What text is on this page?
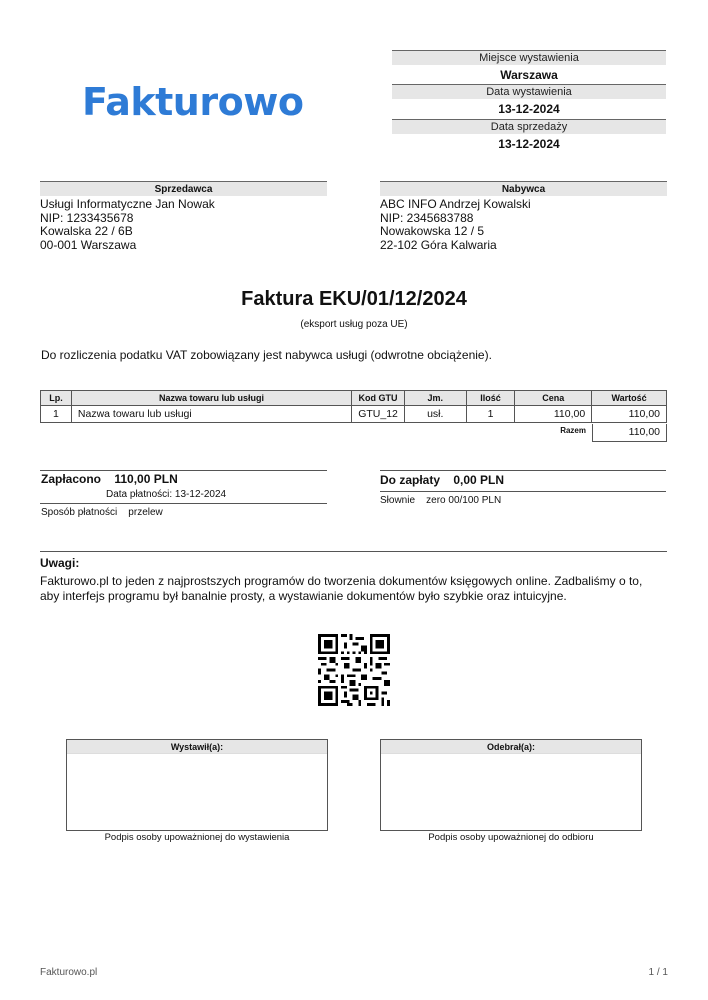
Fakturowo
Miejsce wystawienia
Warszawa
Data wystawienia
13-12-2024
Data sprzedaży
13-12-2024
Sprzedawca
Usługi Informatyczne Jan Nowak
NIP: 1233435678
Kowalska 22 / 6B
00-001 Warszawa
Nabywca
ABC INFO Andrzej Kowalski
NIP: 2345683788
Nowakowska 12 / 5
22-102 Góra Kalwaria
Faktura EKU/01/12/2024
(eksport usług poza UE)
Do rozliczenia podatku VAT zobowiązany jest nabywca usługi (odwrotne obciążenie).
Lp.	Nazwa towaru lub usługi	Kod GTU	Jm.	Ilość	Cena	Wartość
1	Nazwa towaru lub usługi	GTU_12	usł.	1	110,00	110,00
Razem	110,00
Zapłacono 110,00 PLN
Data płatności: 13-12-2024
Sposób płatności przelew
Do zapłaty 0,00 PLN
Słownie zero 00/100 PLN
Uwagi:
Fakturowo.pl to jeden z najprostszych programów do tworzenia dokumentów księgowych online. Zadbaliśmy o to,
aby interfejs programu był banalnie prosty, a wystawianie dokumentów było szybkie oraz intuicyjne.
Wystawił(a):
Podpis osoby upoważnionej do wystawienia
Odebrał(a):
Podpis osoby upoważnionej do odbioru
Fakturowo.pl	1 / 1
